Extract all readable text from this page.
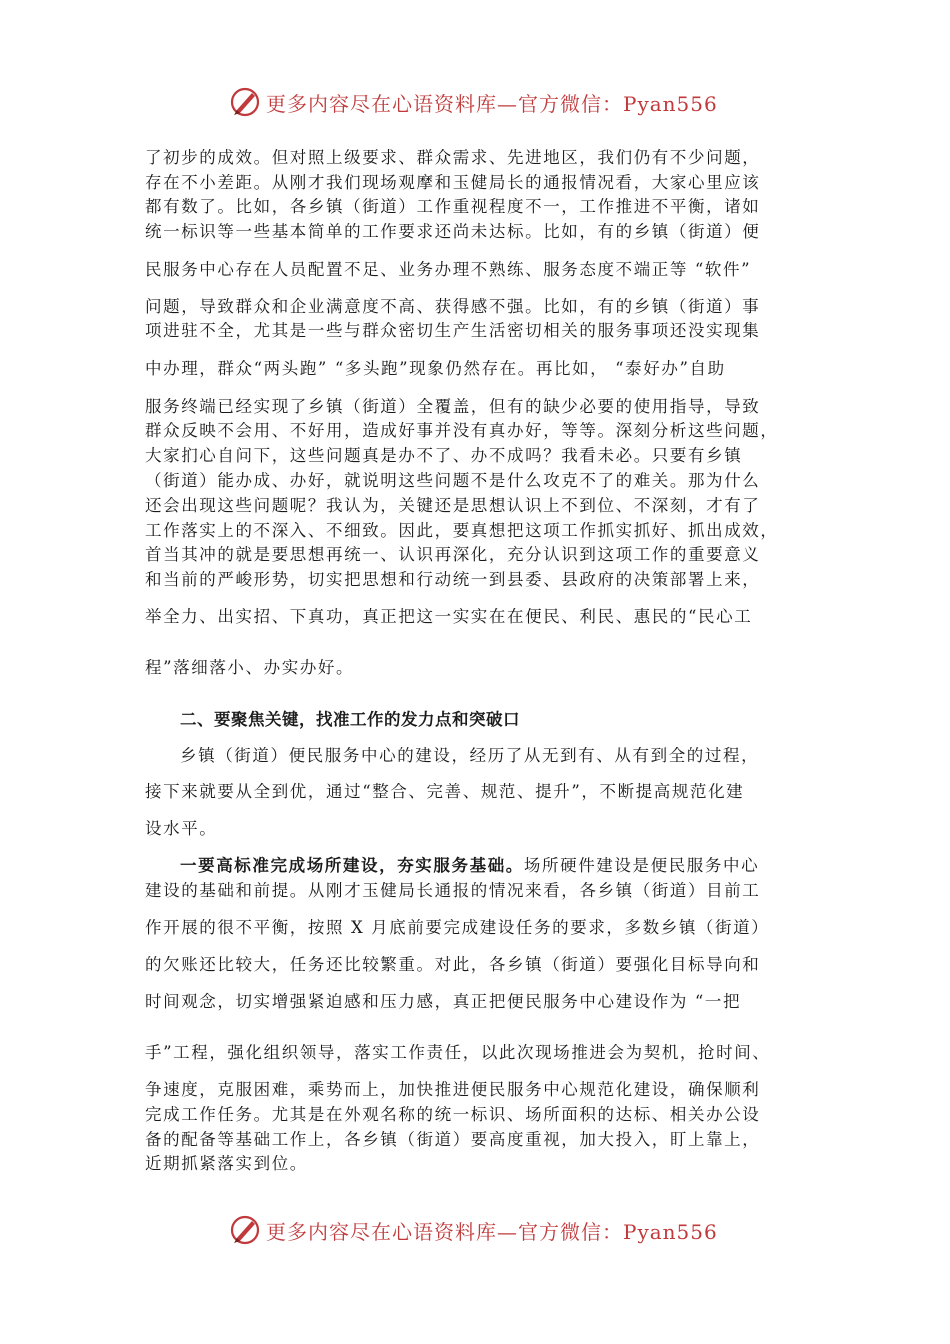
更多内容尽在心语资料库—官方微信：Pyan556
了初步的成效。但对照上级要求、群众需求、先进地区，我们仍有不少问题，
存在不小差距。从刚才我们现场观摩和玉健局长的通报情况看，大家心里应该
都有数了。比如，各乡镇（街道）工作重视程度不一，工作推进不平衡，诸如
统一标识等一些基本简单的工作要求还尚未达标。比如，有的乡镇（街道）便
民服务中心存在人员配置不足、业务办理不熟练、服务态度不端正等 “软件”
问题，导致群众和企业满意度不高、获得感不强。比如，有的乡镇（街道）事
项进驻不全，尤其是一些与群众密切生产生活密切相关的服务事项还没实现集
中办理，群众“两头跑” “多头跑”现象仍然存在。再比如， “泰好办”自助
服务终端已经实现了乡镇（街道）全覆盖，但有的缺少必要的使用指导，导致
群众反映不会用、不好用，造成好事并没有真办好，等等。深刻分析这些问题，
大家扪心自问下，这些问题真是办不了、办不成吗？我看未必。只要有乡镇
（街道）能办成、办好，就说明这些问题不是什么攻克不了的难关。那为什么
还会出现这些问题呢？我认为，关键还是思想认识上不到位、不深刻，才有了
工作落实上的不深入、不细致。因此，要真想把这项工作抓实抓好、抓出成效，
首当其冲的就是要思想再统一、认识再深化，充分认识到这项工作的重要意义
和当前的严峻形势，切实把思想和行动统一到县委、县政府的决策部署上来，
举全力、出实招、下真功，真正把这一实实在在便民、利民、惠民的“民心工
程”落细落小、办实办好。
二、要聚焦关键，找准工作的发力点和突破口
乡镇（街道）便民服务中心的建设，经历了从无到有、从有到全的过程，
接下来就要从全到优，通过“整合、完善、规范、提升”，不断提高规范化建
设水平。
一要高标准完成场所建设，夯实服务基础。场所硬件建设是便民服务中心
建设的基础和前提。从刚才玉健局长通报的情况来看，各乡镇（街道）目前工
作开展的很不平衡，按照 X 月底前要完成建设任务的要求，多数乡镇（街道）
的欠账还比较大，任务还比较繁重。对此，各乡镇（街道）要强化目标导向和
时间观念，切实增强紧迫感和压力感，真正把便民服务中心建设作为 “一把
手”工程，强化组织领导，落实工作责任，以此次现场推进会为契机，抢时间、
争速度，克服困难，乘势而上，加快推进便民服务中心规范化建设，确保顺利
完成工作任务。尤其是在外观名称的统一标识、场所面积的达标、相关办公设
备的配备等基础工作上，各乡镇（街道）要高度重视，加大投入，盯上靠上，
近期抓紧落实到位。
更多内容尽在心语资料库—官方微信：Pyan556
